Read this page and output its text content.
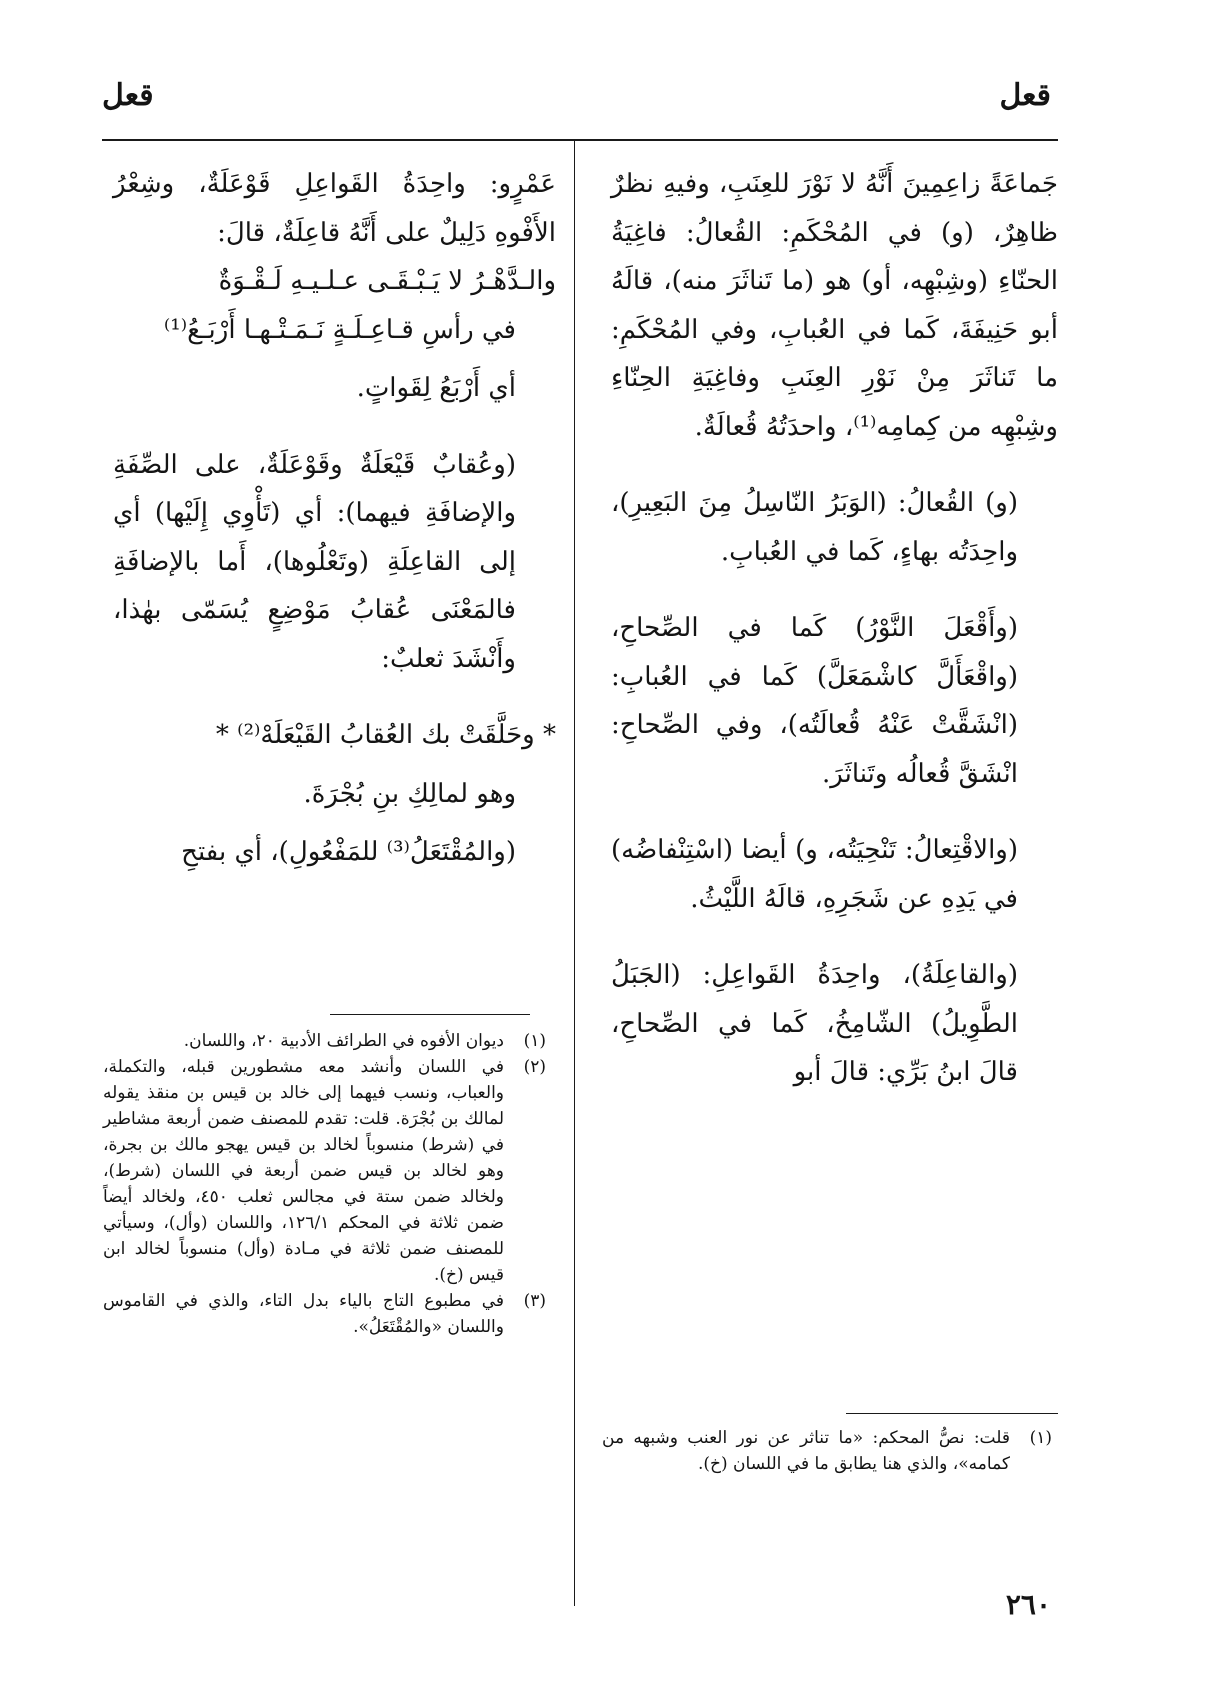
قعل
قعل

جَماعَةً زاعِمِينَ أَنَّهُ لا نَوْرَ للعِنَبِ، وفيهِ نظرٌ ظاهِرٌ، (و) في المُحْكَمِ: القُعالُ: فاغِيَةُ الحنّاءِ (وشِبْهِه، أو) هو (ما تَناثَرَ منه)، قالَهُ أبو حَنِيفَةَ، كَما في العُبابِ، وفي المُحْكَمِ: ما تَناثَرَ مِنْ نَوْرِ العِنَبِ وفاغِيَةِ الحِنّاءِ وشِبْهِه من كِمامِه⁽¹⁾، واحدَتُهُ قُعالَةٌ.

(و) القُعالُ: (الوَبَرُ النّاسِلُ مِنَ البَعِيرِ)، واحِدَتُه بهاءٍ، كَما في العُبابِ.

(وأَقْعَلَ النَّوْرُ) كَما في الصِّحاحِ، (واقْعَأَلَّ كاشْمَعَلَّ) كَما في العُبابِ: (انْشَقَّتْ عَنْهُ قُعالَتُه)، وفي الصِّحاحِ: انْشَقَّ قُعالُه وتَناثَرَ.

(والاقْتِعالُ: تَنْحِيَتُه، و) أيضا (اسْتِنْفاضُه) في يَدِهِ عن شَجَرِهِ، قالَهُ اللَّيْثُ.

(والقاعِلَةُ)، واحِدَةُ القَواعِلِ: (الجَبَلُ الطَّوِيلُ) الشّامِخُ، كَما في الصِّحاحِ، قالَ ابنُ بَرِّي: قالَ أبو

عَمْرٍو: واحِدَةُ القَواعِلِ قَوْعَلَةٌ، وشِعْرُ الأَفْوهِ دَلِيلٌ على أَنَّهُ قاعِلَةٌ، قالَ:

والـدَّهْـرُ لا يَـبْـقَـى عـلـيـهِ لَـقْـوَةٌ

في رأسِ قـاعِـلَـةٍ نَـمَـتْـهـا أَرْبَـعُ⁽¹⁾

أي أَرْبَعُ لِقَواتٍ.

(وعُقابٌ قَيْعَلَةٌ وقَوْعَلَةٌ، على الصِّفَةِ والإضافَةِ فيهما): أي (تَأْوِي إِلَيْها) أي إلى القاعِلَةِ (وتَعْلُوها)، أَما بالإضافَةِ فالمَعْنَى عُقابُ مَوْضِعٍ يُسَمّى بهٰذا، وأَنْشَدَ ثعلبٌ:

* وحَلَّقَتْ بك العُقابُ القَيْعَلَهْ⁽²⁾ *

وهو لمالِكِ بنِ بُجْرَةَ.

(والمُقْتَعَلُ⁽³⁾ للمَفْعُولِ)، أي بفتحِ

(١)
ديوان الأفوه في الطرائف الأدبية ٢٠، واللسان.

(٢)
في اللسان وأنشد معه مشطورين قبله، والتكملة، والعباب، ونسب فيهما إلى خالد بن قيس بن منقذ يقوله لمالك بن بُجْرَة. قلت: تقدم للمصنف ضمن أربعة مشاطير في (شرط) منسوباً لخالد بن قيس يهجو مالك بن بجرة، وهو لخالد بن قيس ضمن أربعة في اللسان (شرط)، ولخالد ضمن ستة في مجالس ثعلب ٤٥٠، ولخالد أيضاً ضمن ثلاثة في المحكم ١٢٦/١، واللسان (وأل)، وسيأتي للمصنف ضمن ثلاثة في مـادة (وأل) منسوباً لخالد ابن قيس (خ).

(٣)
في مطبوع التاج بالياء بدل التاء، والذي في القاموس واللسان «والمُقْتَعَلُ».

(١)
قلت: نصُّ المحكم: «ما تناثر عن نور العنب وشبهه من كمامه»، والذي هنا يطابق ما في اللسان (خ).

٢٦٠
